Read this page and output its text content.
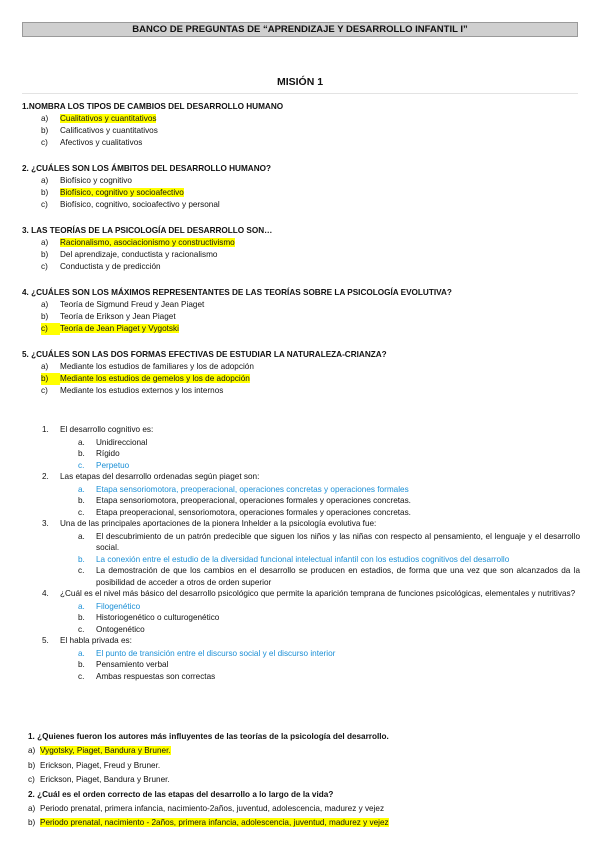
BANCO DE PREGUNTAS DE “APRENDIZAJE Y DESARROLLO INFANTIL I”
MISIÓN 1
1.NOMBRA LOS TIPOS DE CAMBIOS DEL DESARROLLO HUMANO
a) Cualitativos y cuantitativos
b) Calificativos y cuantitativos
c) Afectivos y cualitativos
2. ¿CUÁLES SON LOS ÁMBITOS DEL DESARROLLO HUMANO?
a) Biofísico y cognitivo
b) Biofísico, cognitivo y socioafectivo
c) Biofísico, cognitivo, socioafectivo y personal
3. LAS TEORÍAS DE LA PSICOLOGÍA DEL DESARROLLO SON…
a) Racionalismo, asociacionismo y constructivismo
b) Del aprendizaje, conductista y racionalismo
c) Conductista y de predicción
4. ¿CUÁLES SON LOS MÁXIMOS REPRESENTANTES DE LAS TEORÍAS SOBRE LA PSICOLOGÍA EVOLUTIVA?
a) Teoría de Sigmund Freud y Jean Piaget
b) Teoría de Erikson y Jean Piaget
c) Teoría de Jean Piaget y Vygotski
5. ¿CUÁLES SON LAS DOS FORMAS EFECTIVAS DE ESTUDIAR LA NATURALEZA-CRIANZA?
a) Mediante los estudios de familiares y los de adopción
b) Mediante los estudios de gemelos y los de adopción
c) Mediante los estudios externos y los internos
1. El desarrollo cognitivo es:
a. Unidireccional
b. Rígido
c. Perpetuo
2. Las etapas del desarrollo ordenadas según piaget son:
a. Etapa sensoriomotora, preoperacional, operaciones concretas y operaciones formales
b. Etapa sensoriomotora, preoperacional, operaciones formales y operaciones concretas.
c. Etapa preoperacional, sensoriomotora, operaciones formales y operaciones concretas.
3. Una de las principales aportaciones de la pionera Inhelder a la psicología evolutiva fue:
a. El descubrimiento de un patrón predecible que siguen los niños y las niñas con respecto al pensamiento, el lenguaje y el desarrollo social.
b. La conexión entre el estudio de la diversidad funcional intelectual infantil con los estudios cognitivos del desarrollo
c. La demostración de que los cambios en el desarrollo se producen en estadios, de forma que una vez que son alcanzados da la posibilidad de acceder a otros de orden superior
4. ¿Cuál es el nivel más básico del desarrollo psicológico que permite la aparición temprana de funciones psicológicas, elementales y nutritivas?
a. Filogenético
b. Historiogenético o culturogenético
c. Ontogenético
5. El habla privada es:
a. El punto de transición entre el discurso social y el discurso interior
b. Pensamiento verbal
c. Ambas respuestas son correctas
1. ¿Quienes fueron los autores más influyentes de las teorías de la psicología del desarrollo.
a) Vygotsky, Piaget, Bandura y Bruner.
b) Erickson, Piaget, Freud y Bruner.
c) Erickson, Piaget, Bandura y Bruner.
2. ¿Cuál es el orden correcto de las etapas del desarrollo a lo largo de la vida?
a) Periodo prenatal, primera infancia, nacimiento-2años, juventud, adolescencia, madurez y vejez
b) Periodo prenatal, nacimiento - 2años, primera infancia, adolescencia, juventud, madurez y vejez
